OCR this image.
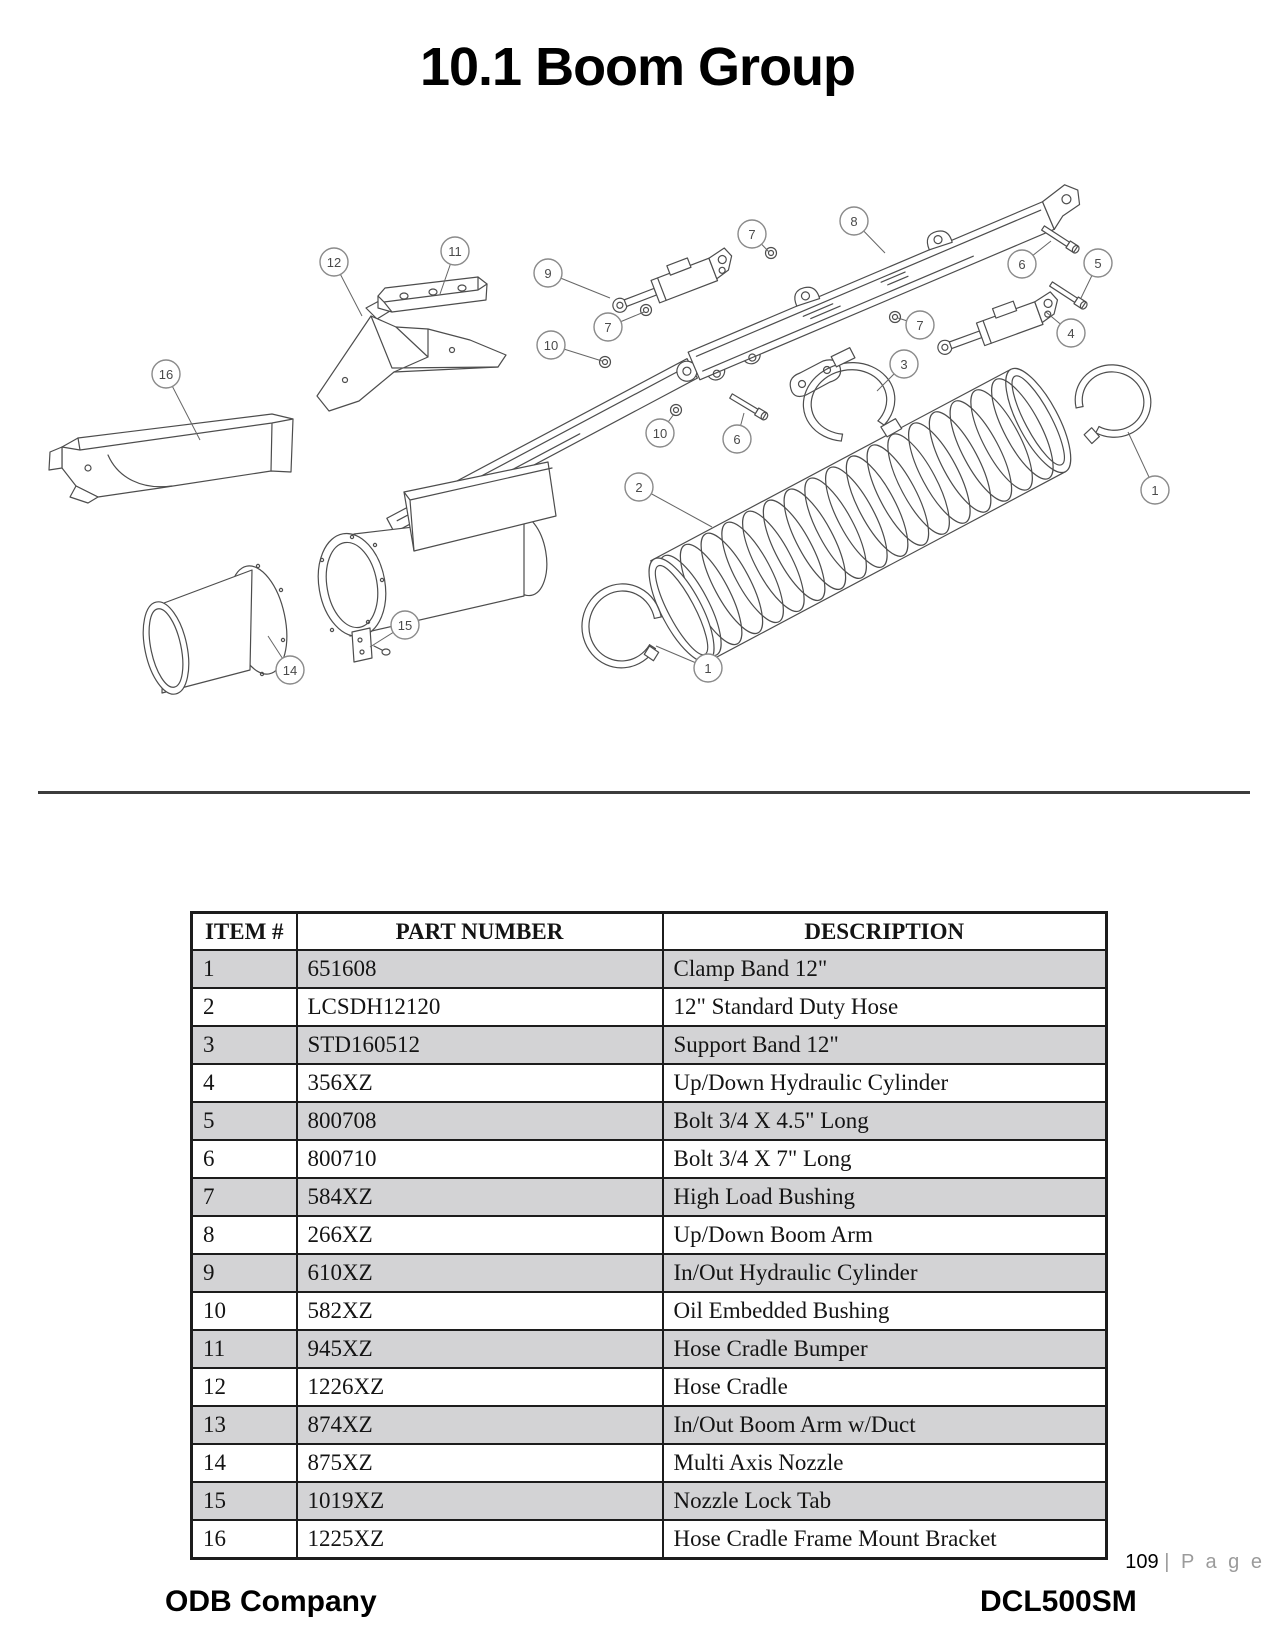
10.1 Boom Group
12
11
16
9
7
10
7
8
6	5
7
4
3
10	6
2	1
15
14	1
ITEM #	PART NUMBER	DESCRIPTION
1	651608	Clamp Band 12"
2	LCSDH12120	12" Standard Duty Hose
3	STD160512	Support Band 12"
4	356XZ	Up/Down Hydraulic Cylinder
5	800708	Bolt 3/4 X 4.5" Long
6	800710	Bolt 3/4 X 7" Long
7	584XZ	High Load Bushing
8	266XZ	Up/Down Boom Arm
9	610XZ	In/Out Hydraulic Cylinder
10	582XZ	Oil Embedded Bushing
11	945XZ	Hose Cradle Bumper
12	1226XZ	Hose Cradle
13	874XZ	In/Out Boom Arm w/Duct
14	875XZ	Multi Axis Nozzle
15	1019XZ	Nozzle Lock Tab
16	1225XZ	Hose Cradle Frame Mount Bracket
109 | P a g e
ODB Company	DCL500SM
